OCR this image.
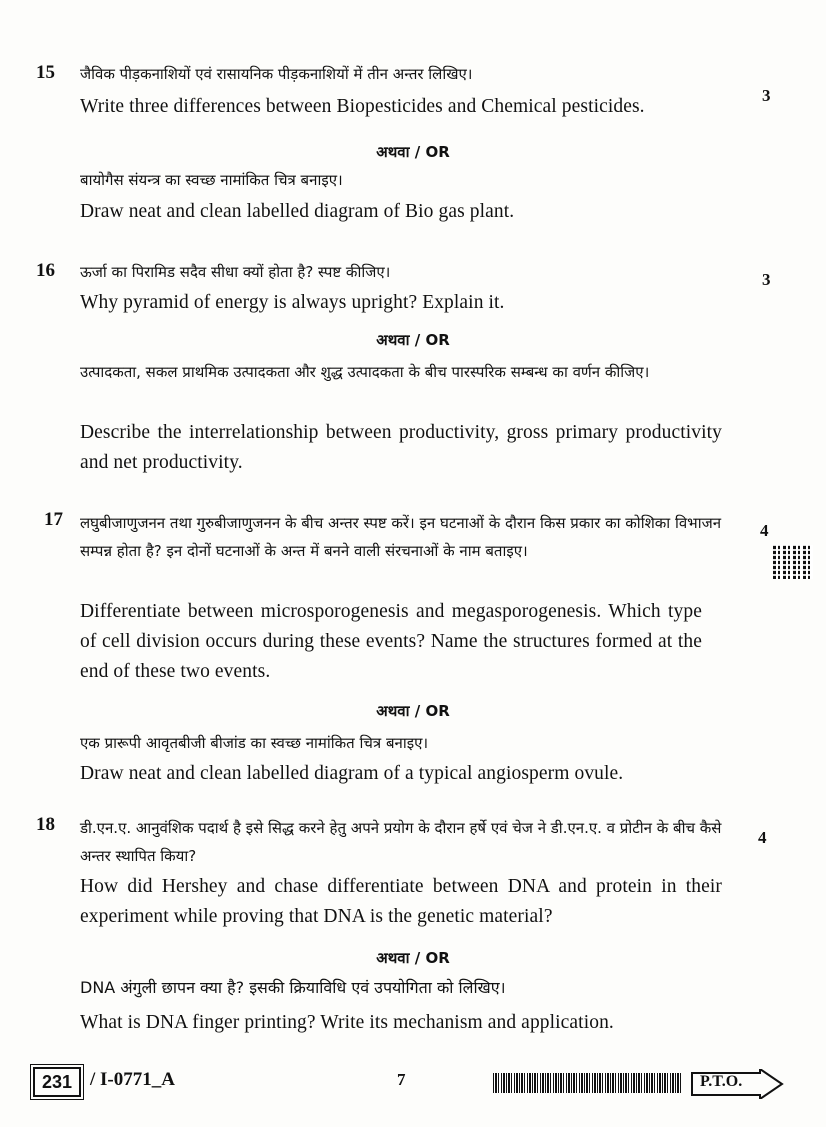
15
3
जैविक पीड़कनाशियों एवं रासायनिक पीड़कनाशियों में तीन अन्तर लिखिए।
Write three differences between Biopesticides and Chemical pesticides.
अथवा / OR
बायोगैस संयन्त्र का स्वच्छ नामांकित चित्र बनाइए।
Draw neat and clean labelled diagram of Bio gas plant.
16	3
ऊर्जा का पिरामिड सदैव सीधा क्यों होता है? स्पष्ट कीजिए।
Why pyramid of energy is always upright? Explain it.
अथवा / OR
उत्पादकता, सकल प्राथमिक उत्पादकता और शुद्ध उत्पादकता के बीच पारस्परिक सम्बन्ध का वर्णन कीजिए।
Describe the interrelationship between productivity, gross primary productivity and net productivity.
17
4
लघुबीजाणुजनन तथा गुरुबीजाणुजनन के बीच अन्तर स्पष्ट करें। इन घटनाओं के दौरान किस प्रकार का कोशिका विभाजन सम्पन्न होता है? इन दोनों घटनाओं के अन्त में बनने वाली संरचनाओं के नाम बताइए।
Differentiate between microsporogenesis and megasporogenesis. Which type of cell division occurs during these events? Name the structures formed at the end of these two events.
अथवा / OR
एक प्रारूपी आवृतबीजी बीजांड का स्वच्छ नामांकित चित्र बनाइए।
Draw neat and clean labelled diagram of a typical angiosperm ovule.
18
4
डी.एन.ए. आनुवंशिक पदार्थ है इसे सिद्ध करने हेतु अपने प्रयोग के दौरान हर्षे एवं चेज ने डी.एन.ए. व प्रोटीन के बीच कैसे अन्तर स्थापित किया?
How did Hershey and chase differentiate between DNA and protein in their experiment while proving that DNA is the genetic material?
अथवा / OR
DNA अंगुली छापन क्या है? इसकी क्रियाविधि एवं उपयोगिता को लिखिए।
What is DNA finger printing? Write its mechanism and application.
231 / I-0771_A	7	P.T.O.
